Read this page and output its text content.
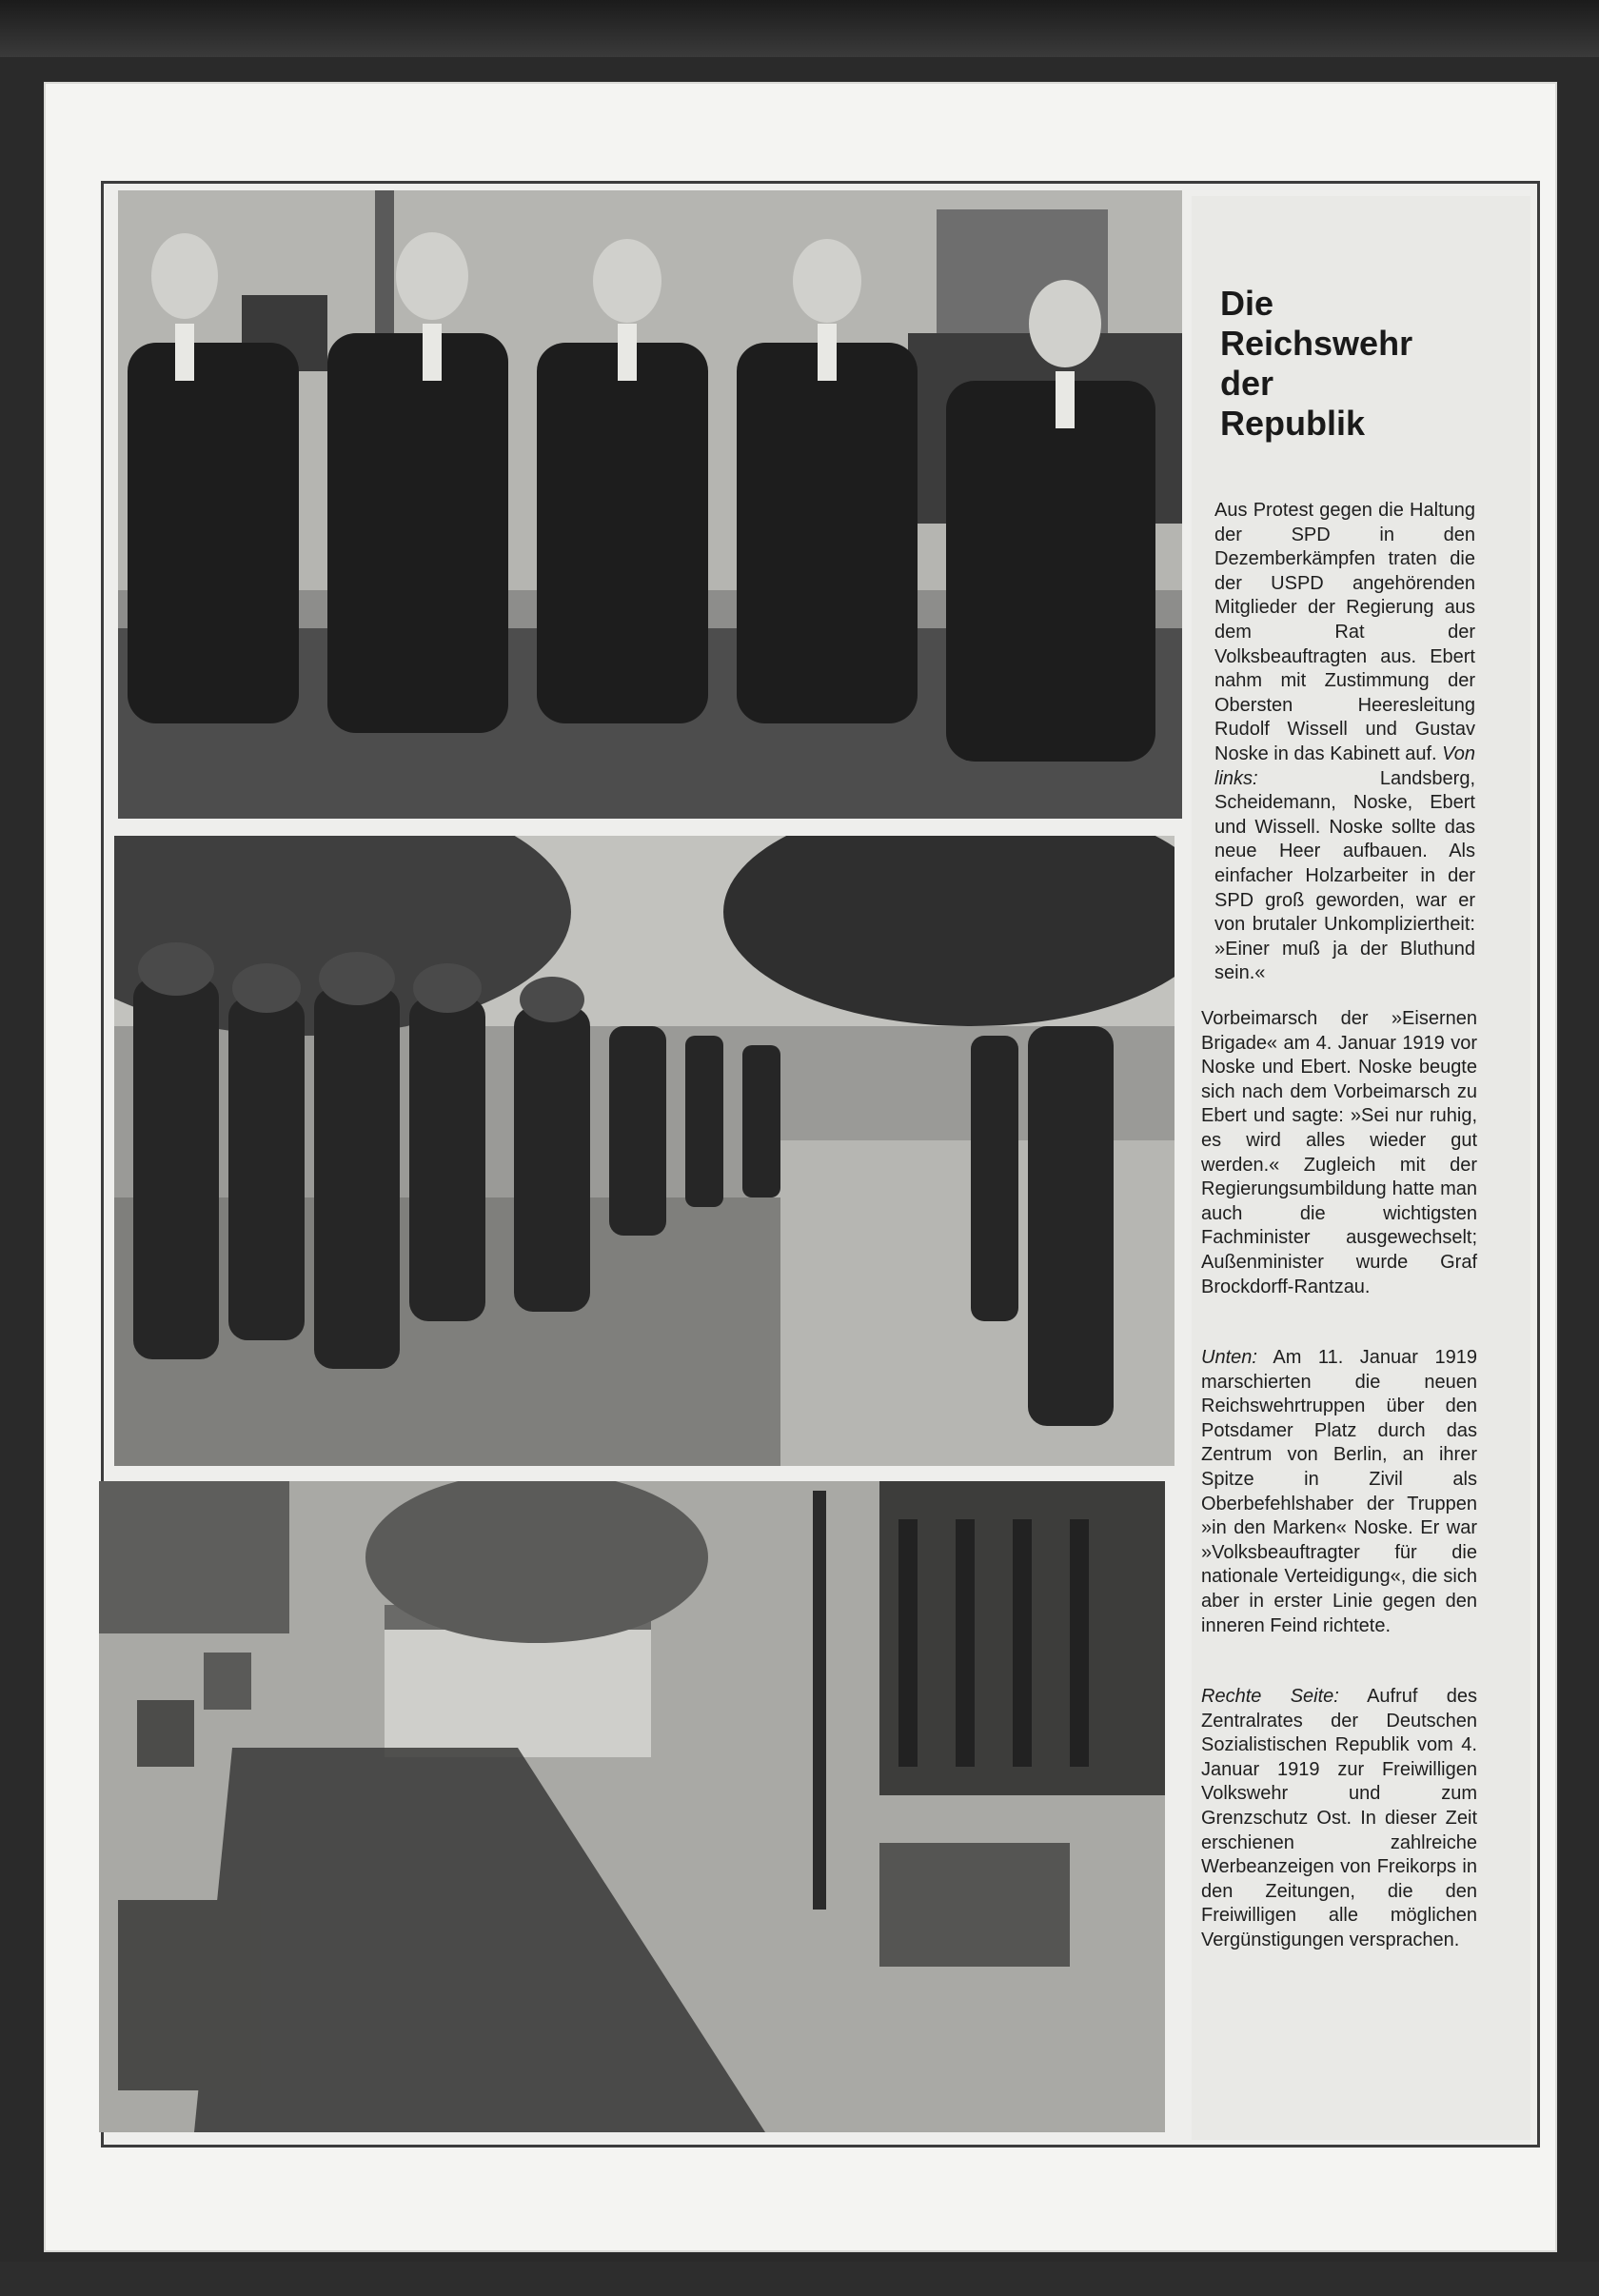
Die
Reichswehr
der
Republik

Aus Protest gegen die Haltung der SPD in den Dezemberkämpfen traten die der USPD angehörenden Mitglieder der Regierung aus dem Rat der Volksbeauftragten aus. Ebert nahm mit Zustimmung der Obersten Heeresleitung Rudolf Wissell und Gustav Noske in das Kabinett auf. Von links: Landsberg, Scheidemann, Noske, Ebert und Wissell. Noske sollte das neue Heer aufbauen. Als einfacher Holzarbeiter in der SPD groß geworden, war er von brutaler Unkompliziertheit: »Einer muß ja der Bluthund sein.«

Vorbeimarsch der »Eisernen Brigade« am 4. Januar 1919 vor Noske und Ebert. Noske beugte sich nach dem Vorbeimarsch zu Ebert und sagte: »Sei nur ruhig, es wird alles wieder gut werden.« Zugleich mit der Regierungsumbildung hatte man auch die wichtigsten Fachminister ausgewechselt; Außenminister wurde Graf Brockdorff-Rantzau.

Unten: Am 11. Januar 1919 marschierten die neuen Reichswehrtruppen über den Potsdamer Platz durch das Zentrum von Berlin, an ihrer Spitze in Zivil als Oberbefehlshaber der Truppen »in den Marken« Noske. Er war »Volksbeauftragter für die nationale Verteidigung«, die sich aber in erster Linie gegen den inneren Feind richtete.

Rechte Seite: Aufruf des Zentralrates der Deutschen Sozialistischen Republik vom 4. Januar 1919 zur Freiwilligen Volkswehr und zum Grenzschutz Ost. In dieser Zeit erschienen zahlreiche Werbeanzeigen von Freikorps in den Zeitungen, die den Freiwilligen alle möglichen Vergünstigungen versprachen.
